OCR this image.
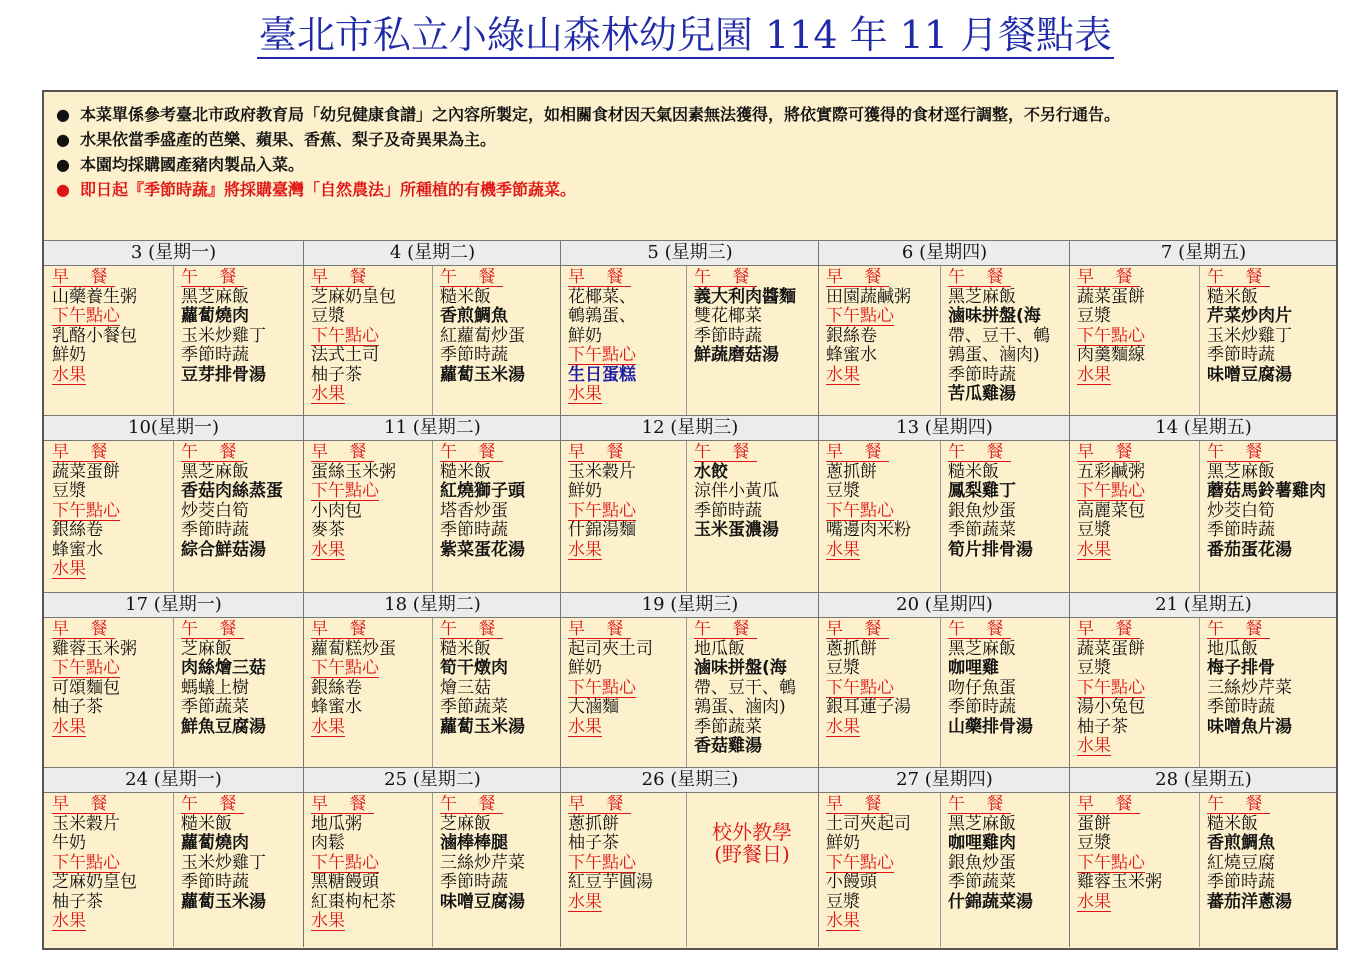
臺北市私立小綠山森林幼兒園 114 年 11 月餐點表
● 本菜單係參考臺北市政府教育局「幼兒健康食譜」之內容所製定，如相關食材因天氣因素無法獲得，將依實際可獲得的食材逕行調整，不另行通告。
● 水果依當季盛產的芭樂、蘋果、香蕉、梨子及奇異果為主。
● 本園均採購國產豬肉製品入菜。
● 即日起『季節時蔬』將採購臺灣「自然農法」所種植的有機季節蔬菜。
3 (星期一)
早 餐
山藥養生粥
下午點心
乳酪小餐包
鮮奶
水果
午 餐
黑芝麻飯
蘿蔔燒肉
玉米炒雞丁
季節時蔬
豆芽排骨湯
4 (星期二)
早 餐
芝麻奶皇包
豆漿
下午點心
法式土司
柚子茶
水果
午 餐
糙米飯
香煎鯛魚
紅蘿蔔炒蛋
季節時蔬
蘿蔔玉米湯
5 (星期三)
早 餐
花椰菜、
鵪鶉蛋、
鮮奶
下午點心
生日蛋糕
水果
午 餐
義大利肉醬麵
雙花椰菜
季節時蔬
鮮蔬磨菇湯
6 (星期四)
早 餐
田園蔬鹹粥
下午點心
銀絲卷
蜂蜜水
水果
午 餐
黑芝麻飯
滷味拼盤(海
帶、豆干、鵪
鶉蛋、滷肉)
季節時蔬
苦瓜雞湯
7 (星期五)
早 餐
蔬菜蛋餅
豆漿
下午點心
肉羹麵線
水果
午 餐
糙米飯
芹菜炒肉片
玉米炒雞丁
季節時蔬
味噌豆腐湯
10(星期一)
早 餐
蔬菜蛋餅
豆漿
下午點心
銀絲卷
蜂蜜水
水果
午 餐
黑芝麻飯
香菇肉絲蒸蛋
炒茭白筍
季節時蔬
綜合鮮菇湯
11 (星期二)
早 餐
蛋絲玉米粥
下午點心
小肉包
麥茶
水果
午 餐
糙米飯
紅燒獅子頭
塔香炒蛋
季節時蔬
紫菜蛋花湯
12 (星期三)
早 餐
玉米穀片
鮮奶
下午點心
什錦湯麵
水果
午 餐
水餃
涼伴小黃瓜
季節時蔬
玉米蛋濃湯
13 (星期四)
早 餐
蔥抓餅
豆漿
下午點心
嘴邊肉米粉
水果
午 餐
糙米飯
鳳梨雞丁
銀魚炒蛋
季節蔬菜
筍片排骨湯
14 (星期五)
早 餐
五彩鹹粥
下午點心
高麗菜包
豆漿
水果
午 餐
黑芝麻飯
蘑菇馬鈴薯雞肉
炒茭白筍
季節時蔬
番茄蛋花湯
17 (星期一)
早 餐
雞蓉玉米粥
下午點心
可頌麵包
柚子茶
水果
午 餐
芝麻飯
肉絲燴三菇
螞蟻上樹
季節蔬菜
鮮魚豆腐湯
18 (星期二)
早 餐
蘿蔔糕炒蛋
下午點心
銀絲卷
蜂蜜水
水果
午 餐
糙米飯
筍干燉肉
燴三菇
季節蔬菜
蘿蔔玉米湯
19 (星期三)
早 餐
起司夾土司
鮮奶
下午點心
大滷麵
水果
午 餐
地瓜飯
滷味拼盤(海
帶、豆干、鵪
鶉蛋、滷肉)
季節蔬菜
香菇雞湯
20 (星期四)
早 餐
蔥抓餅
豆漿
下午點心
銀耳蓮子湯
水果
午 餐
黑芝麻飯
咖哩雞
吻仔魚蛋
季節時蔬
山藥排骨湯
21 (星期五)
早 餐
蔬菜蛋餅
豆漿
下午點心
湯小兔包
柚子茶
水果
午 餐
地瓜飯
梅子排骨
三絲炒芹菜
季節時蔬
味噌魚片湯
24 (星期一)
早 餐
玉米穀片
牛奶
下午點心
芝麻奶皇包
柚子茶
水果
午 餐
糙米飯
蘿蔔燒肉
玉米炒雞丁
季節時蔬
蘿蔔玉米湯
25 (星期二)
早 餐
地瓜粥
肉鬆
下午點心
黑糖饅頭
紅棗枸杞茶
水果
午 餐
芝麻飯
滷棒棒腿
三絲炒芹菜
季節時蔬
味噌豆腐湯
26 (星期三)
早 餐
蔥抓餅
柚子茶
下午點心
紅豆芋圓湯
水果
校外教學
(野餐日)
27 (星期四)
早 餐
土司夾起司
鮮奶
下午點心
小饅頭
豆漿
水果
午 餐
黑芝麻飯
咖哩雞肉
銀魚炒蛋
季節蔬菜
什錦蔬菜湯
28 (星期五)
早 餐
蛋餅
豆漿
下午點心
雞蓉玉米粥
水果
午 餐
糙米飯
香煎鯛魚
紅燒豆腐
季節時蔬
蕃茄洋蔥湯
